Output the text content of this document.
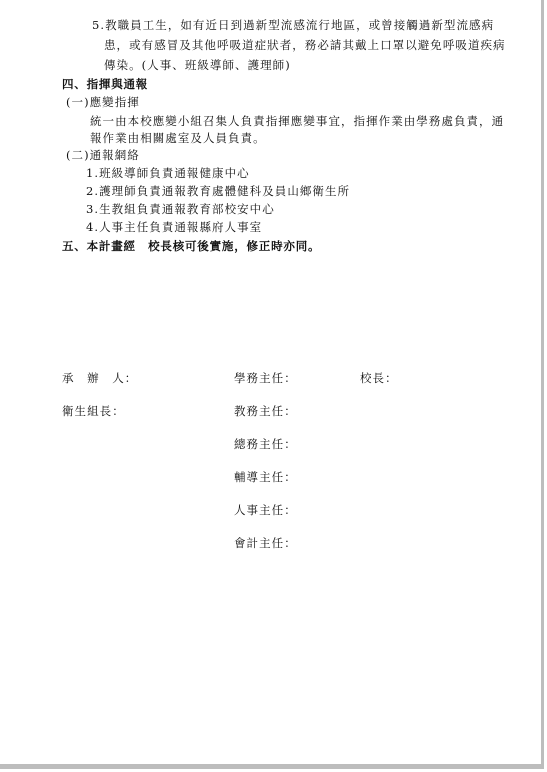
5.教職員工生，如有近日到過新型流感流行地區，或曾接觸過新型流感病
患，或有感冒及其他呼吸道症狀者，務必請其戴上口罩以避免呼吸道疾病
傳染。(人事、班級導師、護理師)
四、指揮與通報
(一)應變指揮
統一由本校應變小組召集人負責指揮應變事宜，指揮作業由學務處負責，通
報作業由相關處室及人員負責。
(二)通報網絡
1.班級導師負責通報健康中心
2.護理師負責通報教育處體健科及員山鄉衛生所
3.生教組負責通報教育部校安中心
4.人事主任負責通報縣府人事室
五、本計畫經　校長核可後實施，修正時亦同。
承　辦　人：	學務主任：	校長：
衛生組長：	教務主任：
總務主任：
輔導主任：
人事主任：
會計主任：
